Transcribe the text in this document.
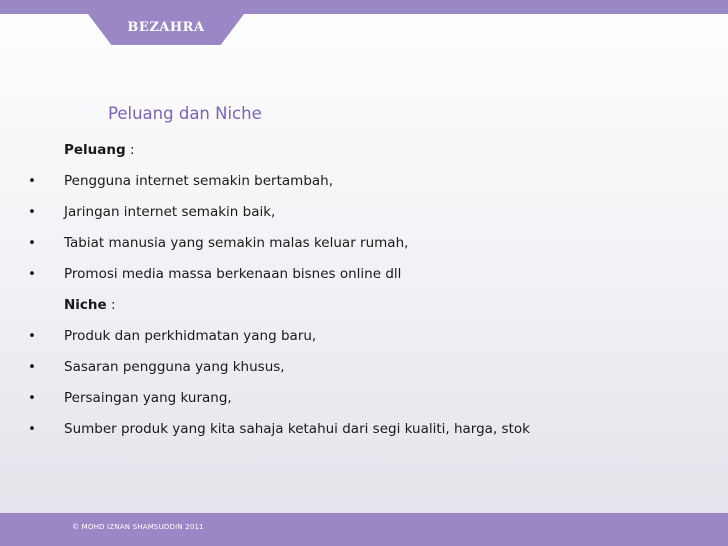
BEZAHRA
Peluang dan Niche
Peluang :
• Pengguna internet semakin bertambah,
• Jaringan internet semakin baik,
• Tabiat manusia yang semakin malas keluar rumah,
• Promosi media massa berkenaan bisnes online dll
Niche :
• Produk dan perkhidmatan yang baru,
• Sasaran pengguna yang khusus,
• Persaingan yang kurang,
• Sumber produk yang kita sahaja ketahui dari segi kualiti, harga, stok
© MOHD IZNAN SHAMSUDDIN 2011
